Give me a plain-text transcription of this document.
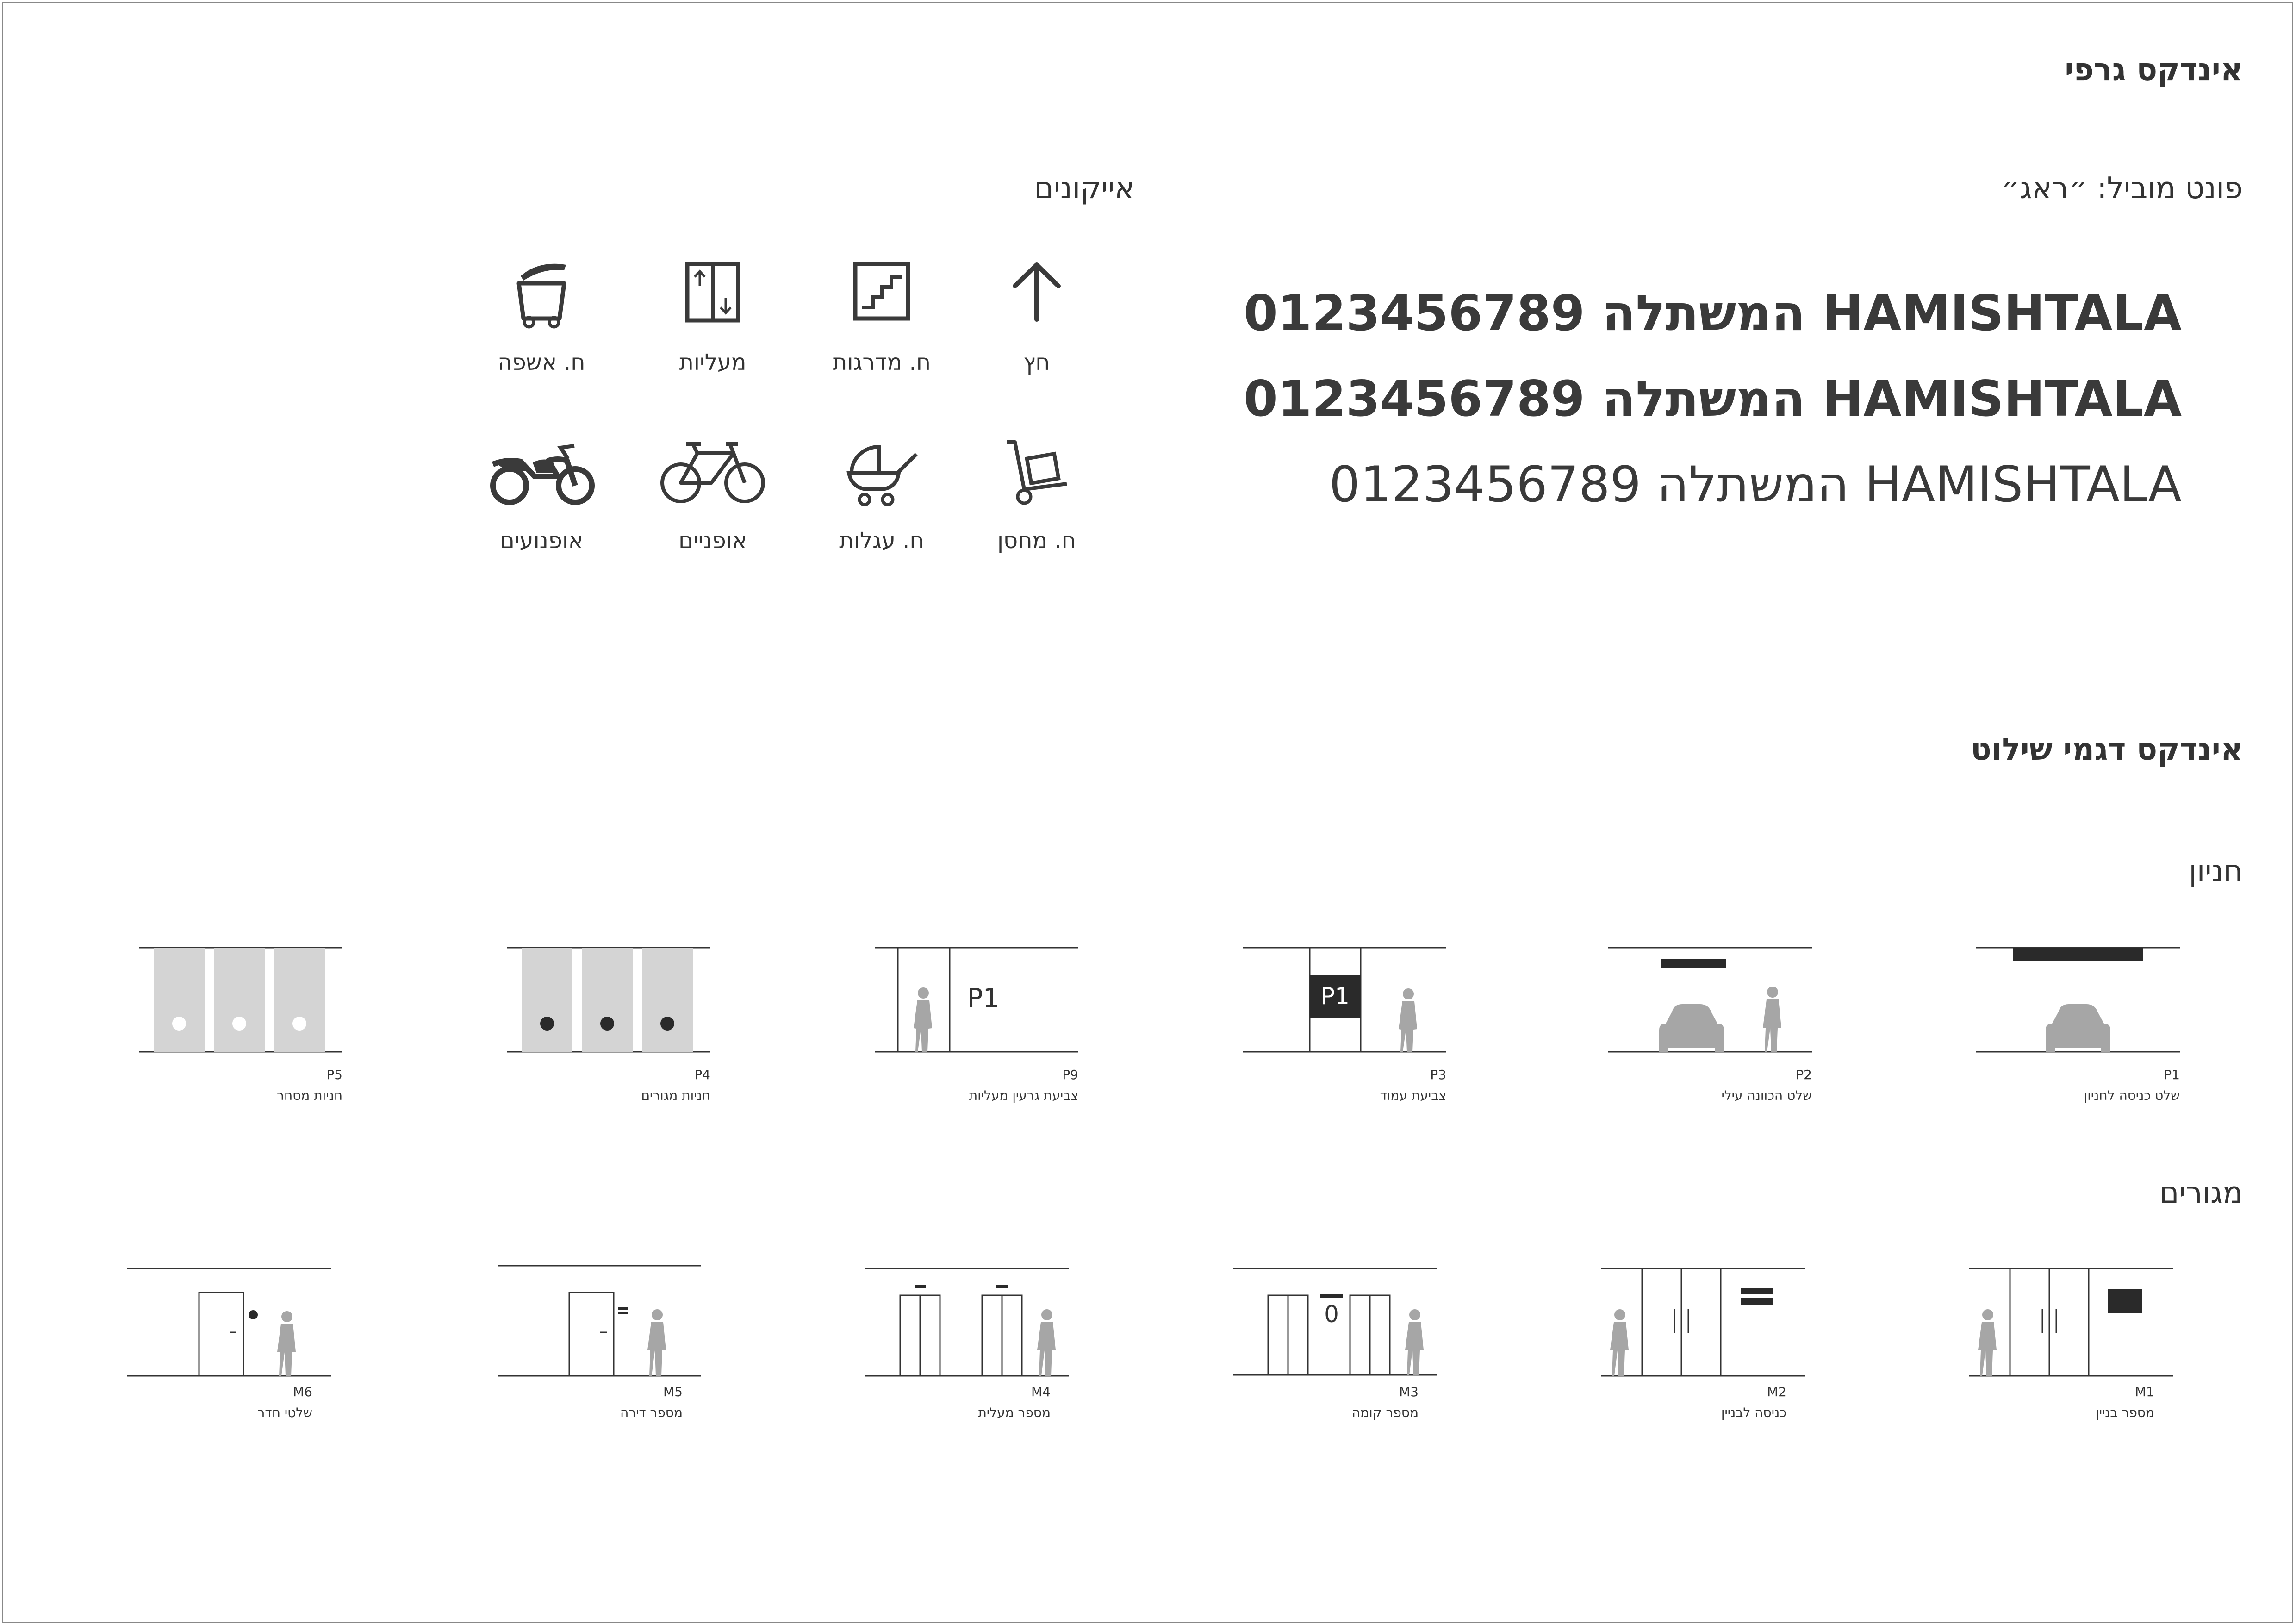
אינדקס גרפי
פונט מוביל: ״ראג״
אייקונים
HAMISHTALA המשתלה 0123456789
HAMISHTALA המשתלה 0123456789
HAMISHTALA המשתלה 0123456789
חץ
ח. מדרגות
מעליות
ח. אשפה
ח. מחסן
ח. עגלות
אופניים
אופנועים
אינדקס דגמי שילוט
חניון
מגורים
P1
שלט כניסה לחניון
P2
שלט הכוונה עילי
P1
P3
צביעת עמוד
P1
P9
צביעת גרעין מעליות
P4
חניות מגורים
P5
חניות מסחר
M1
מספר בניין
M2
כניסה לבניין
0
M3
מספר קומה
M4
מספר מעלית
M5
מספר דירה
M6
שלטי חדר
